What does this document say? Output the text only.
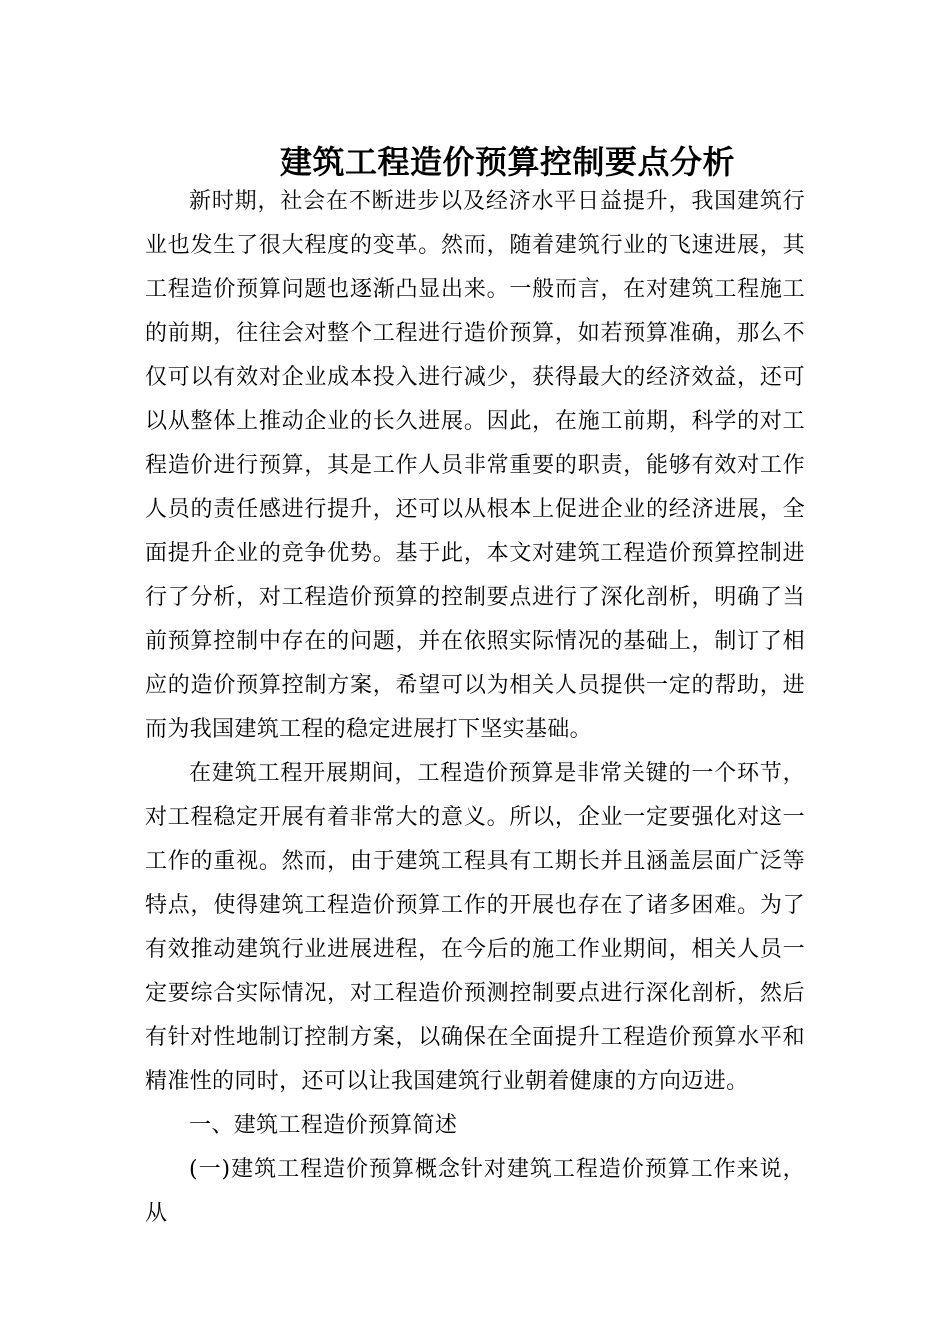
建筑工程造价预算控制要点分析

新时期，社会在不断进步以及经济水平日益提升，我国建筑行业也发生了很大程度的变革。然而，随着建筑行业的飞速进展，其工程造价预算问题也逐渐凸显出来。一般而言，在对建筑工程施工的前期，往往会对整个工程进行造价预算，如若预算准确，那么不仅可以有效对企业成本投入进行减少，获得最大的经济效益，还可以从整体上推动企业的长久进展。因此，在施工前期，科学的对工程造价进行预算，其是工作人员非常重要的职责，能够有效对工作人员的责任感进行提升，还可以从根本上促进企业的经济进展，全面提升企业的竞争优势。基于此，本文对建筑工程造价预算控制进行了分析，对工程造价预算的控制要点进行了深化剖析，明确了当前预算控制中存在的问题，并在依照实际情况的基础上，制订了相应的造价预算控制方案，希望可以为相关人员提供一定的帮助，进而为我国建筑工程的稳定进展打下坚实基础。

在建筑工程开展期间，工程造价预算是非常关键的一个环节，对工程稳定开展有着非常大的意义。所以，企业一定要强化对这一工作的重视。然而，由于建筑工程具有工期长并且涵盖层面广泛等特点，使得建筑工程造价预算工作的开展也存在了诸多困难。为了有效推动建筑行业进展进程，在今后的施工作业期间，相关人员一定要综合实际情况，对工程造价预测控制要点进行深化剖析，然后有针对性地制订控制方案，以确保在全面提升工程造价预算水平和精准性的同时，还可以让我国建筑行业朝着健康的方向迈进。

一、建筑工程造价预算简述

(一)建筑工程造价预算概念针对建筑工程造价预算工作来说，从
